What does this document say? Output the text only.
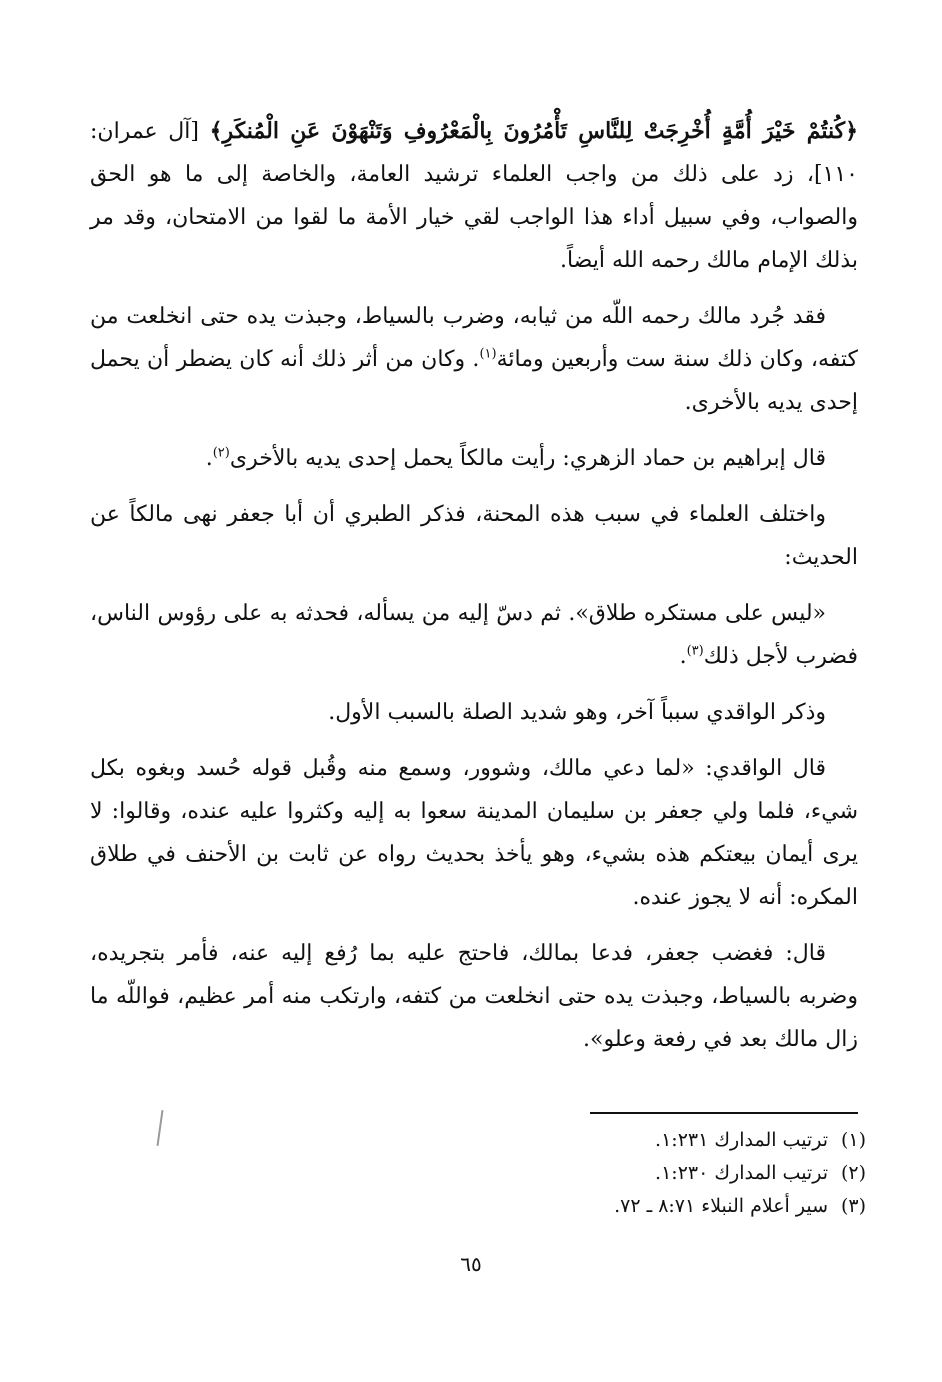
﴿كُنتُمْ خَيْرَ أُمَّةٍ أُخْرِجَتْ لِلنَّاسِ تَأْمُرُونَ بِالْمَعْرُوفِ وَتَنْهَوْنَ عَنِ الْمُنكَرِ﴾ [آل عمران: ١١٠]، زد على ذلك من واجب العلماء ترشيد العامة، والخاصة إلى ما هو الحق والصواب، وفي سبيل أداء هذا الواجب لقي خيار الأمة ما لقوا من الامتحان، وقد مر بذلك الإمام مالك رحمه الله أيضاً.

فقد جُرد مالك رحمه اللّه من ثيابه، وضرب بالسياط، وجبذت يده حتى انخلعت من كتفه، وكان ذلك سنة ست وأربعين ومائة$^{(١)}$. وكان من أثر ذلك أنه كان يضطر أن يحمل إحدى يديه بالأخرى.

قال إبراهيم بن حماد الزهري: رأيت مالكاً يحمل إحدى يديه بالأخرى$^{(٢)}$.

واختلف العلماء في سبب هذه المحنة، فذكر الطبري أن أبا جعفر نهى مالكاً عن الحديث:

«ليس على مستكره طلاق». ثم دسّ إليه من يسأله، فحدثه به على رؤوس الناس، فضرب لأجل ذلك$^{(٣)}$.

وذكر الواقدي سبباً آخر، وهو شديد الصلة بالسبب الأول.

قال الواقدي: «لما دعي مالك، وشوور، وسمع منه وقُبل قوله حُسد وبغوه بكل شيء، فلما ولي جعفر بن سليمان المدينة سعوا به إليه وكثروا عليه عنده، وقالوا: لا يرى أيمان بيعتكم هذه بشيء، وهو يأخذ بحديث رواه عن ثابت بن الأحنف في طلاق المكره: أنه لا يجوز عنده.

قال: فغضب جعفر، فدعا بمالك، فاحتج عليه بما رُفع إليه عنه، فأمر بتجريده، وضربه بالسياط، وجبذت يده حتى انخلعت من كتفه، وارتكب منه أمر عظيم، فواللّه ما زال مالك بعد في رفعة وعلو».

(١)ترتيب المدارك ١:٢٣١.

(٢)ترتيب المدارك ١:٢٣٠.

(٣)سير أعلام النبلاء ٨:٧١ ـ ٧٢.

٦٥
